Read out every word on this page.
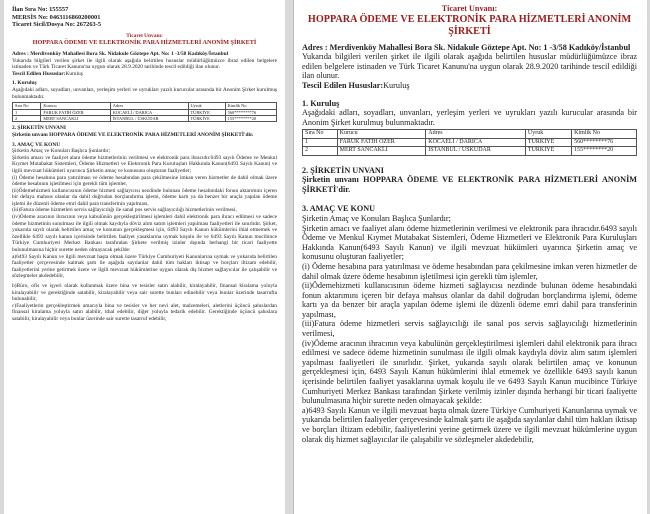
İlan Sıra No: 155557
MERSİS No: 0463116860200001
Ticaret Sicil/Dosya No: 267263-5
Ticaret Unvanı:
HOPPARA ÖDEME VE ELEKTRONİK PARA HİZMETLERİ ANONİM ŞİRKETİ

Adres : Merdivenköy Mahallesi Bora Sk. Nidakule Göztepe Apt. No: 1 -3/58 Kadıköy/İstanbul

Yukarıda bilgileri verilen şirket ile ilgili olarak aşağıda belirtilen hususlar müdürlüğümüzce ibraz edilen belgelere istinaden ve Türk Ticaret Kanunu'na uygun olarak 28.9.2020 tarihinde tescil edildiği ilan olunur.

Tescil Edilen Hususlar:Kuruluş

1. Kuruluş

Aşağıdaki adları, soyadları, unvanları, yerleşim yerleri ve uyrukları yazılı kurucular arasında bir Anonim Şirket kurulmuş bulunmaktadır.

Sıra No	Kurucu	Adres	Uyruk	Kimlik No
1	FARUK FATİH ÖZER	KOCAELİ / DARICA	TÜRKİYE	560********76
2	MERT SANCAKLI	İSTANBUL / ÜSKÜDAR	TÜRKİYE	155********20
2. ŞİRKETİN UNVANI

Şirketin unvanı HOPPARA ÖDEME VE ELEKTRONİK PARA HİZMETLERİ ANONİM ŞİRKETİ'dir.

3. AMAÇ VE KONU

Şirketin Amaç ve Konuları Başlıca Şunlardır;

Şirketin amacı ve faaliyet alanı ödeme hizmetlerinin verilmesi ve elektronik para ihracıdır.6493 sayılı Ödeme ve Menkul Kıymet Mutabakat Sistemleri, Ödeme Hizmetleri ve Elektronik Para Kuruluşları Hakkında Kanun(6493 Sayılı Kanun) ve ilgili mevzuat hükümleri uyarınca Şirketin amaç ve konusunu oluşturan faaliyetler;

(i) Ödeme hesabına para yatırılması ve ödeme hesabından para çekilmesine imkan veren hizmetler de dahil olmak üzere ödeme hesabının işletilmesi için gerekli tüm işlemler,

(ii)Ödemehizmeti kullanıcısının ödeme hizmeti sağlayıcısı nezdinde bulunan ödeme hesabındaki fonun aktarımını içeren bir defaya mahsus olanlar da dahil doğrudan borçlandırma işlemi, ödeme kartı ya da benzer bir araçla yapılan ödeme işlemi ile düzenli ödeme emri dahil para transferinin yapılması,

(iii)Fatura ödeme hizmetleri servis sağlayıcılığı ile sanal pos servis sağlayıcılığı hizmetlerinin verilmesi,

(iv)Ödeme aracının ihracının veya kabulünün gerçekleştirilmesi işlemleri dahil elektronik para ihracı edilmesi ve sadece ödeme hizmetinin sunulması ile ilgili olmak kaydıyla döviz alım satım işlemleri yapılması faaliyetleri ile sınırlıdır. Şirket, yukarıda sayılı olarak belirtilen amaç ve konunun gerçekleşmesi için, 6493 Sayılı Kanun hükümlerini ihlal etmemek ve özellikle 6493 sayılı kanun içerisinde belirtilen faaliyet yasaklarına uymak koşulu ile ve 6493 Sayılı Kanun mucibince Türkiye Cumhuriyeti Merkez Bankası tarafından Şirkete verilmiş izinler dışında herhangi bir ticari faaliyette bulunulmasına hiçbir surette neden olmayacak şekilde:

a)6493 Sayılı Kanun ve ilgili mevzuat başta olmak üzere Türkiye Cumhuriyeti Kanunlarına uymak ve yukarıda belirtilen faaliyetler çerçevesinde kalmak şartı ile aşağıda sayılanlar dahil tüm hakları iktisap ve borçları iltizam edebilir, faaliyetlerini yerine getirmek üzere ve ilgili mevzuat hükümlerine uygun olarak diş hizmet sağlayıcılar ile çalışabilir ve sözleşmeler akdedebilir,

b)Büro, ofis ve işyeri olarak kullanmak üzere bina ve tesisler satın alabilir, kiralayabilir, finansal kiralama yoluyla kiralayabilir ve gerektiğinde satabilir, kiralayabilir veya sair surette bunları edinebilir veya bunlar üzerinde tasarrufta bulunabilir,

c)Faaliyetlerin gerçekleştirmek amacıyla bina ve tesisler ve her nevi alet, malzemeleri, aletlerini üçüncü şahıslardan finansal kiralama yoluyla satın alabilir, ithal edebilir, diğer yoluyla tedarik edebilir. Gerektiğinde üçüncü şahıslara satabilir, kiralayabilir veya bunlar üzerinde sair surette tasarruf edebilir,

Ticaret Unvanı:
HOPPARA ÖDEME VE ELEKTRONİK PARA HİZMETLERİ ANONİM ŞİRKETİ

Adres : Merdivenköy Mahallesi Bora Sk. Nidakule Göztepe Apt. No: 1 -3/58 Kadıköy/İstanbul

Yukarıda bilgileri verilen şirket ile ilgili olarak aşağıda belirtilen hususlar müdürlüğümüzce ibraz edilen belgelere istinaden ve Türk Ticaret Kanunu'na uygun olarak 28.9.2020 tarihinde tescil edildiği ilan olunur.

Tescil Edilen Hususlar:Kuruluş

1. Kuruluş

Aşağıdaki adları, soyadları, unvanları, yerleşim yerleri ve uyrukları yazılı kurucular arasında bir Anonim Şirket kurulmuş bulunmaktadır.

Sıra No	Kurucu	Adres	Uyruk	Kimlik No
1	FARUK FATİH ÖZER	KOCAELİ / DARICA	TÜRKİYE	560********76
2	MERT SANCAKLI	İSTANBUL / ÜSKÜDAR	TÜRKİYE	155********20
2. ŞİRKETİN UNVANI

Şirketin unvanı HOPPARA ÖDEME VE ELEKTRONİK PARA HİZMETLERİ ANONİM ŞİRKETİ'dir.

3. AMAÇ VE KONU

Şirketin Amaç ve Konuları Başlıca Şunlardır;

Şirketin amacı ve faaliyet alanı ödeme hizmetlerinin verilmesi ve elektronik para ihracıdır.6493 sayılı Ödeme ve Menkul Kıymet Mutabakat Sistemleri, Ödeme Hizmetleri ve Elektronik Para Kuruluşları Hakkında Kanun(6493 Sayılı Kanun) ve ilgili mevzuat hükümleri uyarınca Şirketin amaç ve konusunu oluşturan faaliyetler;

(i) Ödeme hesabına para yatırılması ve ödeme hesabından para çekilmesine imkan veren hizmetler de dahil olmak üzere ödeme hesabının işletilmesi için gerekli tüm işlemler,

(ii)Ödemehizmeti kullanıcısının ödeme hizmeti sağlayıcısı nezdinde bulunan ödeme hesabındaki fonun aktarımını içeren bir defaya mahsus olanlar da dahil doğrudan borçlandırma işlemi, ödeme kartı ya da benzer bir araçla yapılan ödeme işlemi ile düzenli ödeme emri dahil para transferinin yapılması,

(iii)Fatura ödeme hizmetleri servis sağlayıcılığı ile sanal pos servis sağlayıcılığı hizmetlerinin verilmesi,

(iv)Ödeme aracının ihracının veya kabulünün gerçekleştirilmesi işlemleri dahil elektronik para ihracı edilmesi ve sadece ödeme hizmetinin sunulması ile ilgili olmak kaydıyla döviz alım satım işlemleri yapılması faaliyetleri ile sınırlıdır. Şirket, yukarıda sayılı olarak belirtilen amaç ve konunun gerçekleşmesi için, 6493 Sayılı Kanun hükümlerini ihlal etmemek ve özellikle 6493 sayılı kanun içerisinde belirtilen faaliyet yasaklarına uymak koşulu ile ve 6493 Sayılı Kanun mucibince Türkiye Cumhuriyeti Merkez Bankası tarafından Şirkete verilmiş izinler dışında herhangi bir ticari faaliyette bulunulmasına hiçbir surette neden olmayacak şekilde:

a)6493 Sayılı Kanun ve ilgili mevzuat başta olmak üzere Türkiye Cumhuriyeti Kanunlarına uymak ve yukarıda belirtilen faaliyetler çerçevesinde kalmak şartı ile aşağıda sayılanlar dahil tüm hakları iktisap ve borçları iltizam edebilir, faaliyetlerini yerine getirmek üzere ve ilgili mevzuat hükümlerine uygun olarak diş hizmet sağlayıcılar ile çalışabilir ve sözleşmeler akdedebilir,
